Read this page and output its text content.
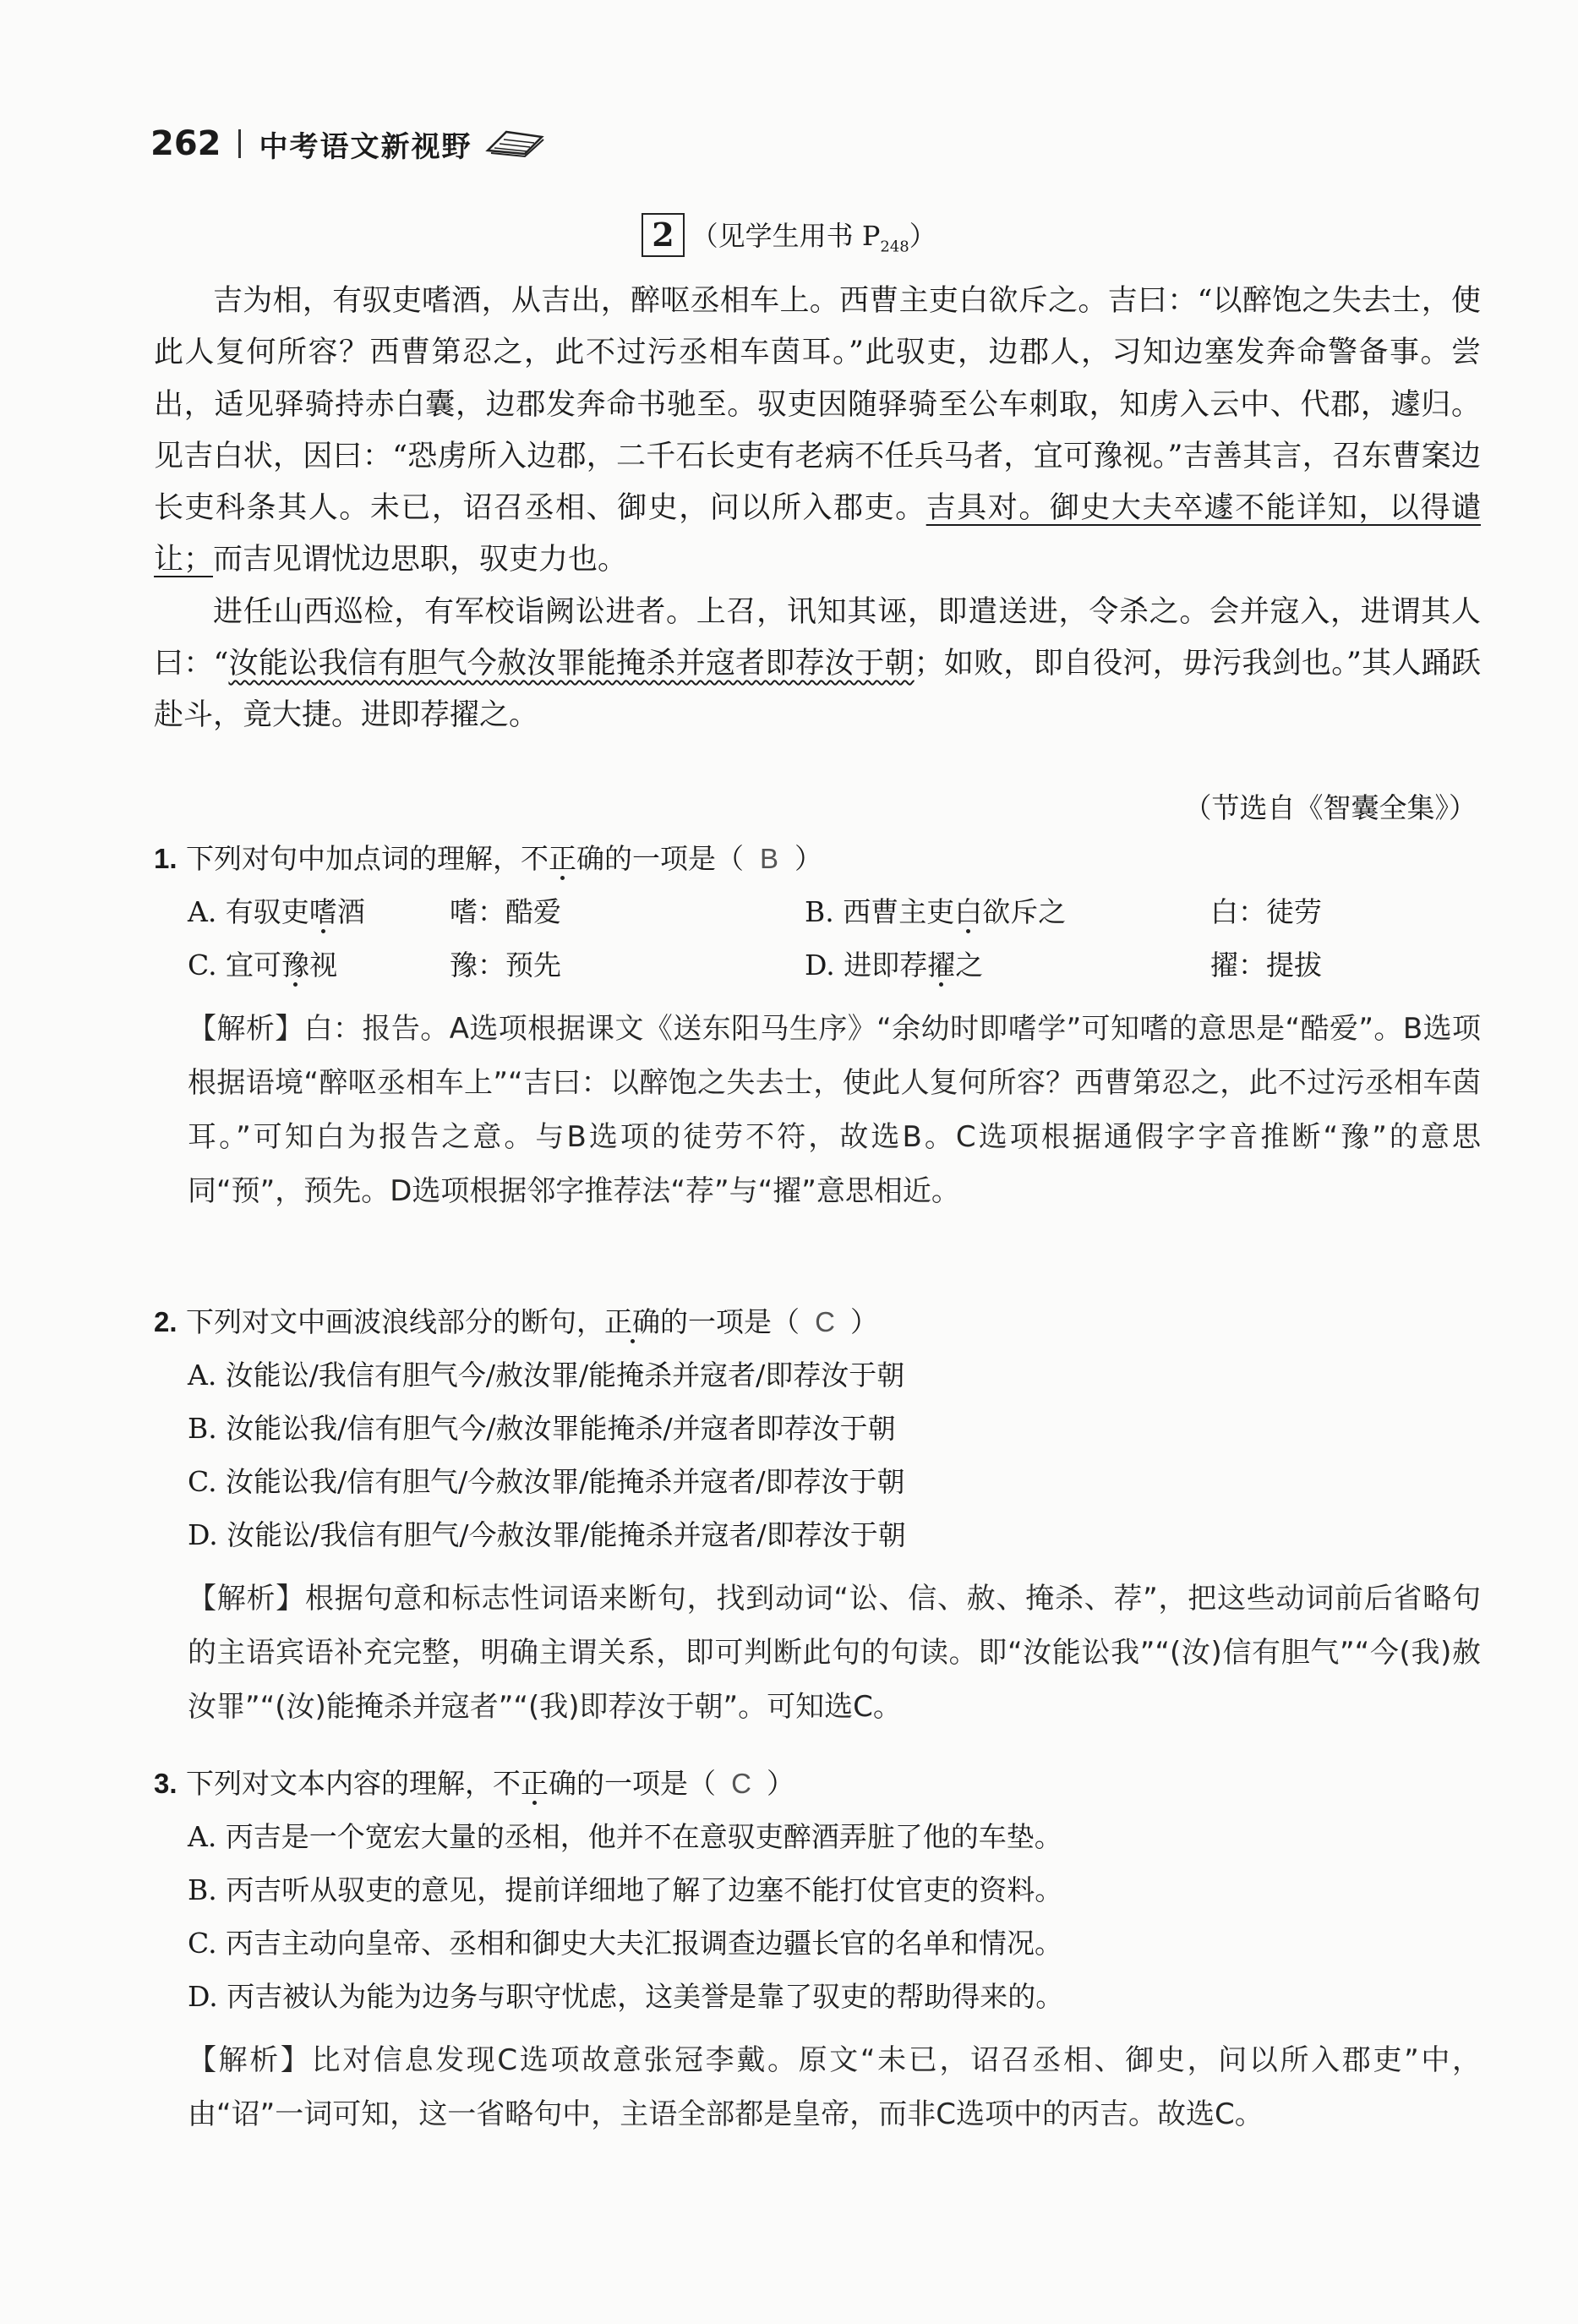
262 中考语文新视野
2 （见学生用书 $P_{248}$）

吉为相，有驭吏嗜酒，从吉出，醉呕丞相车上。西曹主吏白欲斥之。吉曰：“以醉饱之失去士，使此人复何所容？西曹第忍之，此不过污丞相车茵耳。”此驭吏，边郡人，习知边塞发奔命警备事。尝出，适见驿骑持赤白囊，边郡发奔命书驰至。驭吏因随驿骑至公车刺取，知虏入云中、代郡，遽归。见吉白状，因曰：“恐虏所入边郡，二千石长吏有老病不任兵马者，宜可豫视。”吉善其言，召东曹案边长吏科条其人。未已，诏召丞相、御史，问以所入郡吏。吉具对。御史大夫卒遽不能详知，以得谴让；而吉见谓忧边思职，驭吏力也。

进任山西巡检，有军校诣阙讼进者。上召，讯知其诬，即遣送进，令杀之。会并寇入，进谓其人曰：“汝能讼我信有胆气今赦汝罪能掩杀并寇者即荐汝于朝；如败，即自役河，毋污我剑也。”其人踊跃赴斗，竟大捷。进即荐擢之。

（节选自《智囊全集》）
1. 下列对句中加点词的理解，不正确的一项是（ B ）
A. 有驭吏嗜酒	嗜：酷爱	B. 西曹主吏白欲斥之	白：徒劳
C. 宜可豫视	豫：预先	D. 进即荐擢之	擢：提拔
【解析】白：报告。A选项根据课文《送东阳马生序》“余幼时即嗜学”可知嗜的意思是“酷爱”。B选项根据语境“醉呕丞相车上”“吉曰：以醉饱之失去士，使此人复何所容？西曹第忍之，此不过污丞相车茵耳。”可知白为报告之意。与B选项的徒劳不符，故选B。C选项根据通假字字音推断“豫”的意思同“预”，预先。D选项根据邻字推荐法“荐”与“擢”意思相近。
2. 下列对文中画波浪线部分的断句，正确的一项是（ C ）
A. 汝能讼/我信有胆气今/赦汝罪/能掩杀并寇者/即荐汝于朝
B. 汝能讼我/信有胆气今/赦汝罪能掩杀/并寇者即荐汝于朝
C. 汝能讼我/信有胆气/今赦汝罪/能掩杀并寇者/即荐汝于朝
D. 汝能讼/我信有胆气/今赦汝罪/能掩杀并寇者/即荐汝于朝
【解析】根据句意和标志性词语来断句，找到动词“讼、信、赦、掩杀、荐”，把这些动词前后省略句的主语宾语补充完整，明确主谓关系，即可判断此句的句读。即“汝能讼我”“(汝)信有胆气”“今(我)赦汝罪”“(汝)能掩杀并寇者”“(我)即荐汝于朝”。可知选C。
3. 下列对文本内容的理解，不正确的一项是（ C ）
A. 丙吉是一个宽宏大量的丞相，他并不在意驭吏醉酒弄脏了他的车垫。
B. 丙吉听从驭吏的意见，提前详细地了解了边塞不能打仗官吏的资料。
C. 丙吉主动向皇帝、丞相和御史大夫汇报调查边疆长官的名单和情况。
D. 丙吉被认为能为边务与职守忧虑，这美誉是靠了驭吏的帮助得来的。
【解析】比对信息发现C选项故意张冠李戴。原文“未已，诏召丞相、御史，问以所入郡吏”中，由“诏”一词可知，这一省略句中，主语全部都是皇帝，而非C选项中的丙吉。故选C。
